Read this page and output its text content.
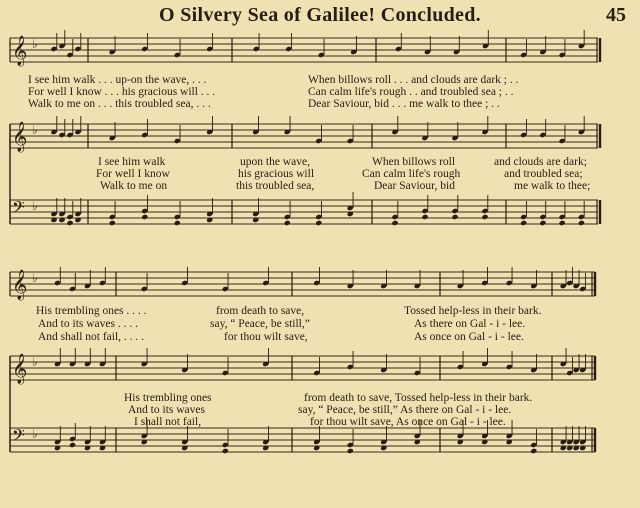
O Silvery Sea of Galilee! Concluded.	45
𝄞 ♭
𝄞 ♭
𝄢 ♭
𝄞 ♭
𝄞 ♭
𝄢 ♭
I see him walk . . . up-on the wave, . . .	When billows roll . . . and clouds are dark ; . .
For well I know . . . his gracious will . . .	Can calm life's rough . . and troubled sea ; . .
Walk to me on . . . this troubled sea, . . .	Dear Saviour, bid . . . me walk to thee ; . .
I see him walk	upon the wave,	When billows roll	and clouds are dark;
For well I know	his gracious will	Can calm life's rough	and troubled sea;
Walk to me on	this troubled sea,	Dear Saviour, bid	me walk to thee;
His trembling ones . . . .	from death to save,	Tossed help-less in their bark.
And to its waves . . . .	say, “ Peace, be still,”	As there on Gal - i - lee.
And shall not fail, . . . .	for thou wilt save,	As once on Gal - i - lee.
His trembling ones	from death to save, Tossed help-less in their bark.
And to its waves	say, “ Peace, be still,” As there on Gal - i - lee.
I shall not fail,	for thou wilt save, As once on Gal - i - lee.
